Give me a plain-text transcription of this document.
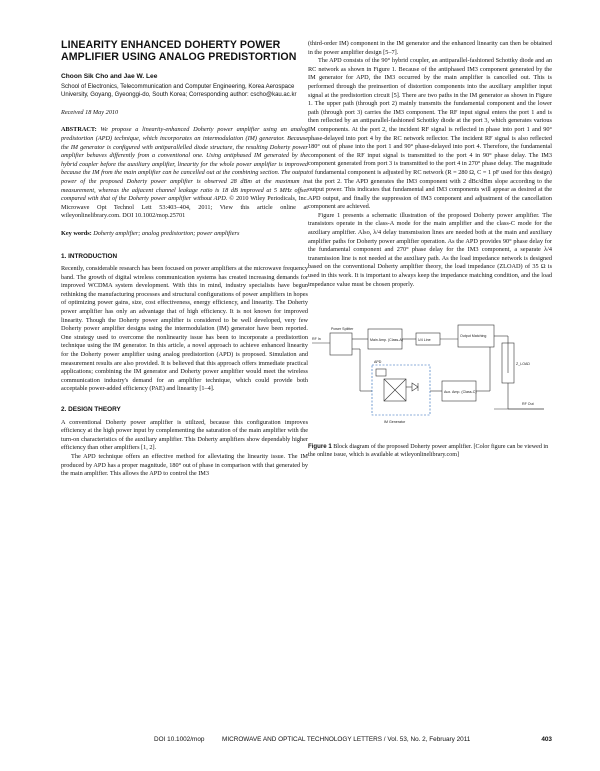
LINEARITY ENHANCED DOHERTY POWER AMPLIFIER USING ANALOG PREDISTORTION
Choon Sik Cho and Jae W. Lee
School of Electronics, Telecommunication and Computer Engineering, Korea Aerospace University, Goyang, Gyeonggi-do, South Korea; Corresponding author: cscho@kau.ac.kr
Received 18 May 2010
ABSTRACT: We propose a linearity-enhanced Doherty power amplifier using an analog predistortion (APD) technique, which incorporates an intermodulation (IM) generator. Because the IM generator is configured with antiparallelled diode structure, the resulting Doherty power amplifier behaves differently from a conventional one. Using antiphased IM generated by the hybrid coupler before the auxiliary amplifier, linearity for the whole power amplifier is improved because the IM from the main amplifier can be cancelled out at the combining section. The output power of the proposed Doherty power amplifier is observed 28 dBm at the maximum in measurement, whereas the adjacent channel leakage ratio is 18 dB improved at 5 MHz offset compared with that of the Doherty power amplifier without APD. © 2010 Wiley Periodicals, Inc. Microwave Opt Technol Lett 53:403–404, 2011; View this article online at wileyonlinelibrary.com. DOI 10.1002/mop.25701
Key words: Doherty amplifier; analog predistortion; power amplifiers
1. INTRODUCTION

Recently, considerable research has been focused on power amplifiers at the microwave frequency band. The growth of digital wireless communication systems has created increasing demands for improved WCDMA system development. With this in mind, industry specialists have begun rethinking the manufacturing processes and structural configurations of power amplifiers in hopes of optimizing power gains, size, cost effectiveness, energy efficiency, and linearity. The Doherty power amplifier has only an advantage that of high efficiency. It is not known for improved linearity. Though the Doherty power amplifier is considered to be well developed, very few Doherty power amplifier designs using the intermodulation (IM) generator have been reported. One strategy used to overcome the nonlinearity issue has been to incorporate a predistortion technique using the IM generator. In this article, a novel approach to achieve enhanced linearity for the Doherty power amplifier using analog predistortion (APD) is proposed. Simulation and measurement results are also provided. It is believed that this approach offers immediate practical applications; combining the IM generator and Doherty power amplifier would meet the wireless communication industry's demand for an amplifier technique, which could provide both acceptable power-added efficiency (PAE) and linearity [1–4].

2. DESIGN THEORY

A conventional Doherty power amplifier is utilized, because this configuration improves efficiency at the high power input by complementing the saturation of the main amplifier with the turn-on characteristics of the auxiliary amplifier. This Doherty amplifiers show dependably higher efficiency than other amplifiers [1, 2].

The APD technique offers an effective method for alleviating the linearity issue. The IM produced by APD has a proper magnitude, 180° out of phase in comparison with that generated by the main amplifier. This allows the APD to control the IM3

(third-order IM) component in the IM generator and the enhanced linearity can then be obtained in the power amplifier design [5–7].

The APD consists of the 90° hybrid coupler, an antiparallel-fashioned Schottky diode and an RC network as shown in Figure 1. Because of the antiphased IM3 component generated by the IM generator for APD, the IM3 occurred by the main amplifier is cancelled out. This is performed through the preinsertion of distortion components into the auxiliary amplifier input signal at the predistortion circuit [5]. There are two paths in the IM generator as shown in Figure 1. The upper path (through port 2) mainly transmits the fundamental component and the lower path (through port 3) carries the IM3 component. The RF input signal enters the port 1 and is then reflected by an antiparallel-fashioned Schottky diode at the port 3, which generates various IM components. At the port 2, the incident RF signal is reflected in phase into port 1 and 90° phase-delayed into port 4 by the RC network reflector. The incident RF signal is also reflected 180° out of phase into the port 1 and 90° phase-delayed into port 4. Therefore, the fundamental component of the RF input signal is transmitted to the port 4 in 90° phase delay. The IM3 component generated from port 3 is transmitted to the port 4 in 270° phase delay. The magnitude of fundamental component is adjusted by RC network (R = 280 Ω, C = 1 pF used for this design) at the port 2. The APD generates the IM3 component with 2 dBc/dBm slope according to the output power. This indicates that fundamental and IM3 components will appear as desired at the APD output, and finally the suppression of IM3 component and adjustment of the cancellation component are achieved.

Figure 1 presents a schematic illustration of the proposed Doherty power amplifier. The transistors operate in the class-A mode for the main amplifier and the class-C mode for the auxiliary amplifier. Also, λ/4 delay transmission lines are needed both at the main and auxiliary amplifier paths for Doherty power amplifier operation. As the APD provides 90° phase delay for the fundamental component and 270° phase delay for the IM3 component, a separate λ/4 transmission line is not needed at the auxiliary path. As the load impedance network is designed based on the conventional Doherty amplifier theory, the load impedance (ZLOAD) of 35 Ω is used in this work. It is important to always keep the impedance matching condition, and the load impedance value must be chosen properly.

RF In
Power Splitter
Main Amp. (Class-A)	λ/4 Line
Output Matching
Aux. Amp. (Class-C)
APD
IM Generator
Z_LOAD
RF Out
Figure 1 Block diagram of the proposed Doherty power amplifier. [Color figure can be viewed in the online issue, which is available at wileyonlinelibrary.com]
DOI 10.1002/mop	MICROWAVE AND OPTICAL TECHNOLOGY LETTERS / Vol. 53, No. 2, February 2011	403
